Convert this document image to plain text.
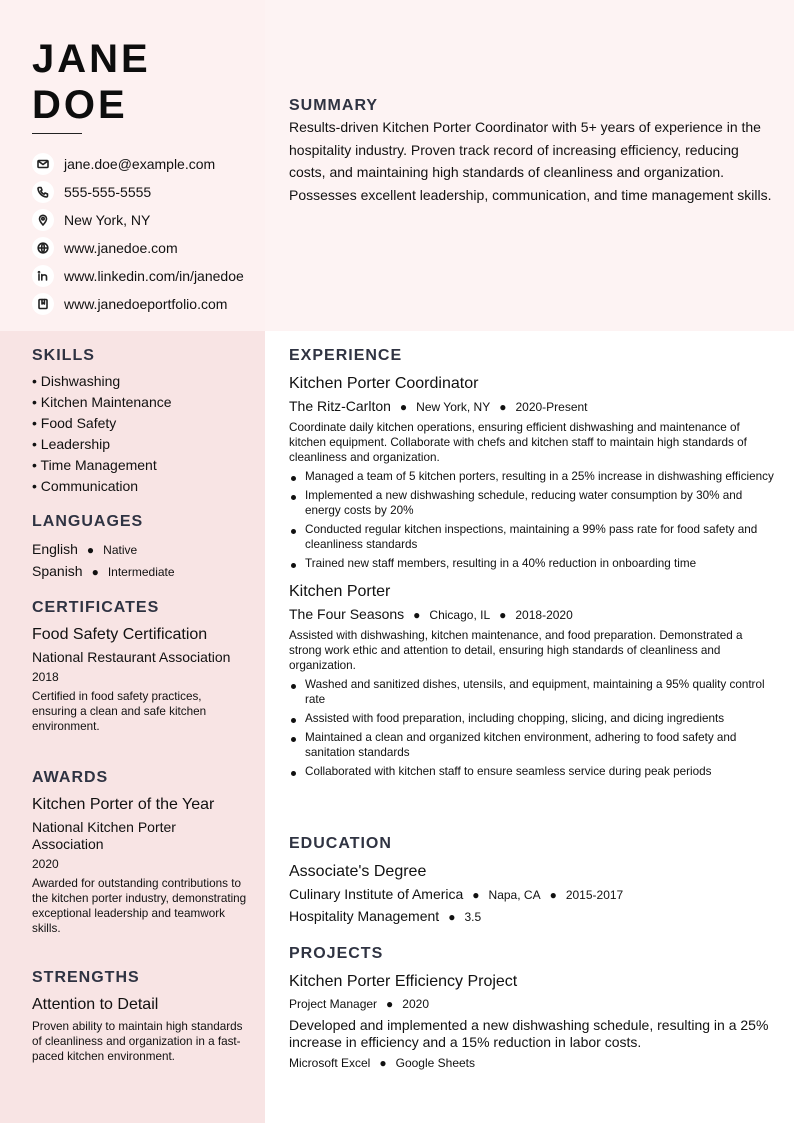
JANE
DOE
jane.doe@example.com
555-555-5555
New York, NY
www.janedoe.com
www.linkedin.com/in/janedoe
www.janedoeportfolio.com
SUMMARY

Results-driven Kitchen Porter Coordinator with 5+ years of experience in the hospitality industry. Proven track record of increasing efficiency, reducing costs, and maintaining high standards of cleanliness and organization. Possesses excellent leadership, communication, and time management skills.

SKILLS
• Dishwashing
• Kitchen Maintenance
• Food Safety
• Leadership
• Time Management
• Communication
LANGUAGES
English ● Native
Spanish ● Intermediate
CERTIFICATES
Food Safety Certification
National Restaurant Association
2018
Certified in food safety practices, ensuring a clean and safe kitchen environment.
AWARDS
Kitchen Porter of the Year
National Kitchen Porter Association
2020
Awarded for outstanding contributions to the kitchen porter industry, demonstrating exceptional leadership and teamwork skills.
STRENGTHS
Attention to Detail
Proven ability to maintain high standards of cleanliness and organization in a fast-paced kitchen environment.
EXPERIENCE
Kitchen Porter Coordinator
The Ritz-Carlton ● New York, NY ● 2020-Present
Coordinate daily kitchen operations, ensuring efficient dishwashing and maintenance of kitchen equipment. Collaborate with chefs and kitchen staff to maintain high standards of cleanliness and organization.
Managed a team of 5 kitchen porters, resulting in a 25% increase in dishwashing efficiency
Implemented a new dishwashing schedule, reducing water consumption by 30% and energy costs by 20%
Conducted regular kitchen inspections, maintaining a 99% pass rate for food safety and cleanliness standards
Trained new staff members, resulting in a 40% reduction in onboarding time
Kitchen Porter
The Four Seasons ● Chicago, IL ● 2018-2020
Assisted with dishwashing, kitchen maintenance, and food preparation. Demonstrated a strong work ethic and attention to detail, ensuring high standards of cleanliness and organization.
Washed and sanitized dishes, utensils, and equipment, maintaining a 95% quality control rate
Assisted with food preparation, including chopping, slicing, and dicing ingredients
Maintained a clean and organized kitchen environment, adhering to food safety and sanitation standards
Collaborated with kitchen staff to ensure seamless service during peak periods
EDUCATION
Associate's Degree
Culinary Institute of America ● Napa, CA ● 2015-2017
Hospitality Management ● 3.5
PROJECTS
Kitchen Porter Efficiency Project
Project Manager ● 2020
Developed and implemented a new dishwashing schedule, resulting in a 25% increase in efficiency and a 15% reduction in labor costs.
Microsoft Excel ● Google Sheets
